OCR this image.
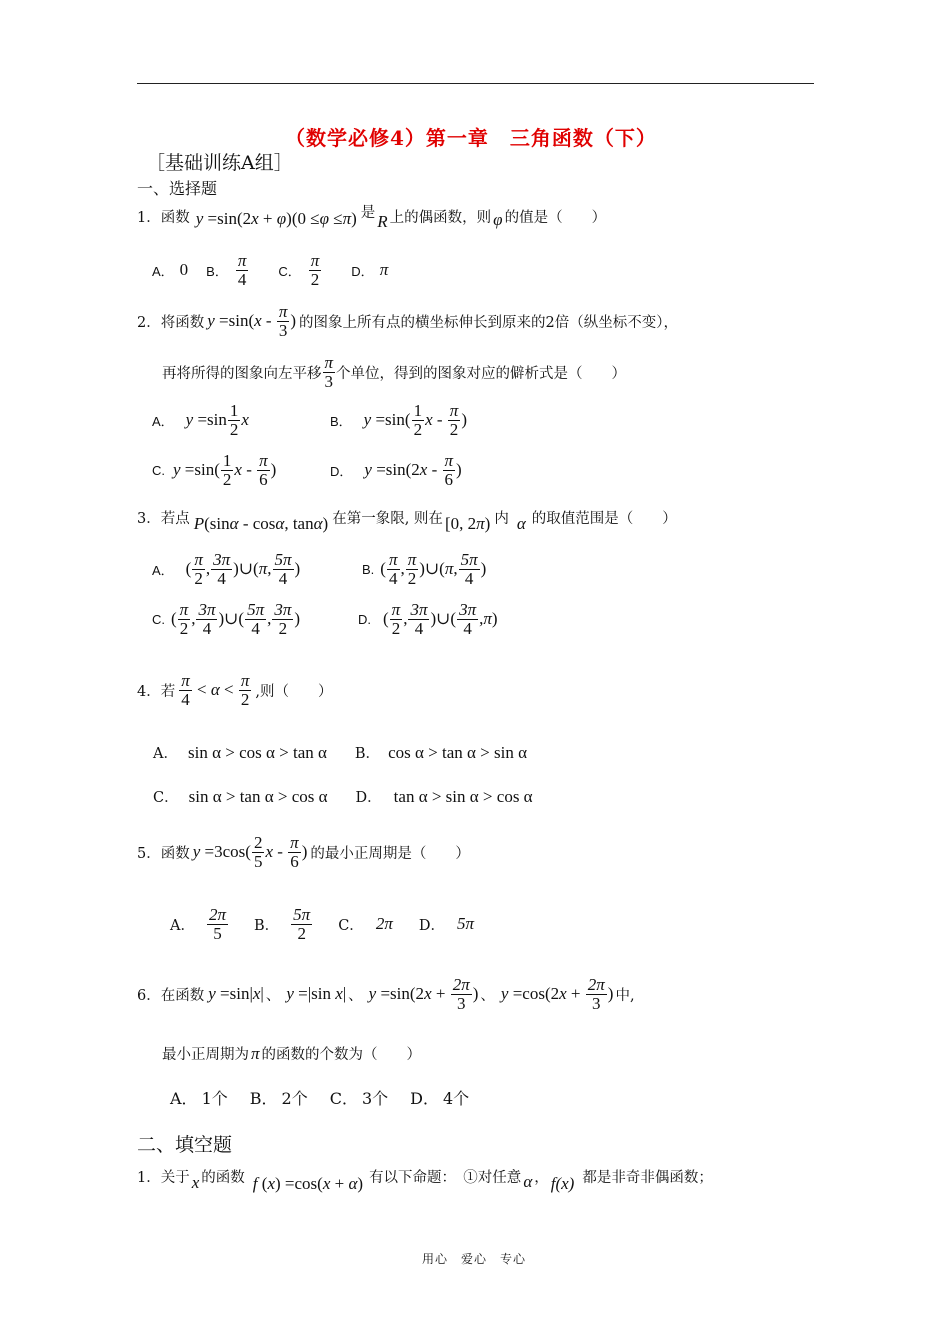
（数学必修4）第一章　三角函数（下）
［基础训练A组］
一、选择题
1． 函数 y =sin(2x + φ)(0 ≤φ ≤π) 是 R 上的偶函数，则 φ 的值是（　　）
A． 0 B． $\frac{\pi}{4}$ C． $\frac{\pi}{2}$ D． π
2． 将函数 y =sin( x - $\frac{\pi}{3}$ ) 的图象上所有点的横坐标伸长到原来的2倍（纵坐标不变），
再将所得的图象向左平移 $\frac{\pi}{3}$ 个单位，得到的图象对应的僻析式是（　　）
A． $y =\sin \frac{1}{2}$ x	B． $y =\sin( \frac{1}{2}$ x - $\frac{\pi}{2}$ )
C. $y =\sin( \frac{1}{2}$ x - $\frac{\pi}{6}$ )	D． y =sin(2 x - $\frac{\pi}{6}$ )
3． 若点 P(sinα - cosα, tanα) 在第一象限, 则在 [0, 2π) 内 α 的取值范围是（　　）
A． ( $\frac{\pi}{2}$ , $\frac{3\pi}{4}$ )∪( π , $\frac{5\pi}{4}$ )	B. ( $\frac{\pi}{4}$ , $\frac{\pi}{2}$ )∪( π , $\frac{5\pi}{4}$ )
C. ( $\frac{\pi}{2}$ , $\frac{3\pi}{4}$ )∪( $\frac{5\pi}{4}$ , $\frac{3\pi}{2}$ )	D. ( $\frac{\pi}{2}$ , $\frac{3\pi}{4}$ )∪( $\frac{3\pi}{4}$ , π )
4． 若 $\frac{\pi}{4} < \alpha < \frac{\pi}{2}$ ,则（　　）
A． sin α > cos α > tan α B． cos α > tan α > sin α
C． sin α > tan α > cos α D． tan α > sin α > cos α
5． 函数 $y =3\cos( \frac{2}{5}$ x - $\frac{\pi}{6}$ ) 的最小正周期是（　　）
A． $\frac{2\pi}{5}$ B． $\frac{5\pi}{2}$ C． 2π D． 5π
6． 在函数 y =sin|x| 、 y =|sin x| 、 y =sin(2 $x + \frac{2\pi}{3}$ ) 、 y =cos(2 $x + \frac{2\pi}{3}$ ) 中,
最小正周期为 π 的函数的个数为（　　）
A． 1个 B． 2个 C． 3个 D． 4个
二、填空题
1． 关于 x 的函数 f (x) =cos(x + α) 有以下命题：　①对任意 α ， f(x) 都是非奇非偶函数；
用心　爱心　专心
